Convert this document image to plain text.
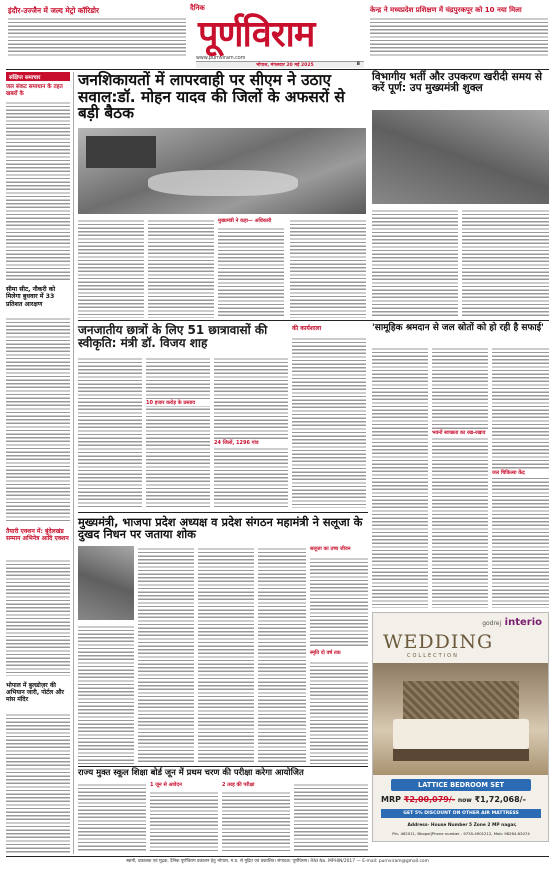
इंदौर-उज्जैन में जल्द मेट्रो कॉरिडोर	दैनिक
पूर्णविराम
www.purnviram.com
केन्द्र ने मध्यप्रदेश प्रशिक्षण में चंद्रपुरकपूर को 10 नया मिला
भोपाल, मंगलवार 20 मई 2025	8
संक्षिप्त समाचार
जल संकट समाधान के तहत खबरों के
सीमा सीट, नौकरी को मिलेगा बुधवार में 33 प्रतिशत आरक्षण
तैयारी एक्शन में: बुंदेलखंड सम्मान अभिनेत्र आदि एक्शन
भोपाल में बुलडोज़र की अभियान जारी, पोर्टल और मांस मंदिर
जनशिकायतों में लापरवाही पर सीएम ने उठाए सवाल:डॉ. मोहन यादव की जिलों के अफसरों से बड़ी बैठक
मुख्यमंत्री ने कहा— अधिकारी
विभागीय भर्ती और उपकरण खरीदी समय से करें पूर्ण: उप मुख्यमंत्री शुक्ल
जनजातीय छात्रों के लिए 51 छात्रावासों की स्वीकृति: मंत्री डॉ. विजय शाह
10 हजार करोड़ के प्रस्ताव
24 जिलों, 1296 गांव
की कार्यशाला	'सामूहिक श्रमदान से जल स्रोतों को हो रही है सफाई'
भवनों स्वच्छता का रख-रखाव
जल चिकित्सा केंद्र
मुख्यमंत्री, भाजपा प्रदेश अध्यक्ष व प्रदेश संगठन महामंत्री ने सलूजा के दुखद निधन पर जताया शोक
सलूजा का उच्च जीवन
स्मृति दो वर्ष तक
godrej interio
WEDDING
COLLECTION
LATTICE BEDROOM SET
MRP ₹2,00,079/- now ₹1,72,068/-
GET 5% DISCOUNT ON OTHER AIR MATTRESS
Address- House Number 5 Zone 2 MP nagar,
Pin- 462011, Bhopal|Phone number - 9755-4901212, Mob: 98264-62074
राज्य मुक्त स्कूल शिक्षा बोर्ड जून में प्रथम चरण की परीक्षा करेगा आयोजित
1 जून से आवेदन	2 तरह की परीक्षा
स्वामी, प्रकाशक एवं मुद्रक, दैनिक पूर्णविराम प्रकाशन हेतु भोपाल, म.प्र. से मुद्रित एवं प्रकाशित। संपादक: पूर्णविराम। RNI No. MPHIN/2017 — E-mail: purnviram@gmail.com
